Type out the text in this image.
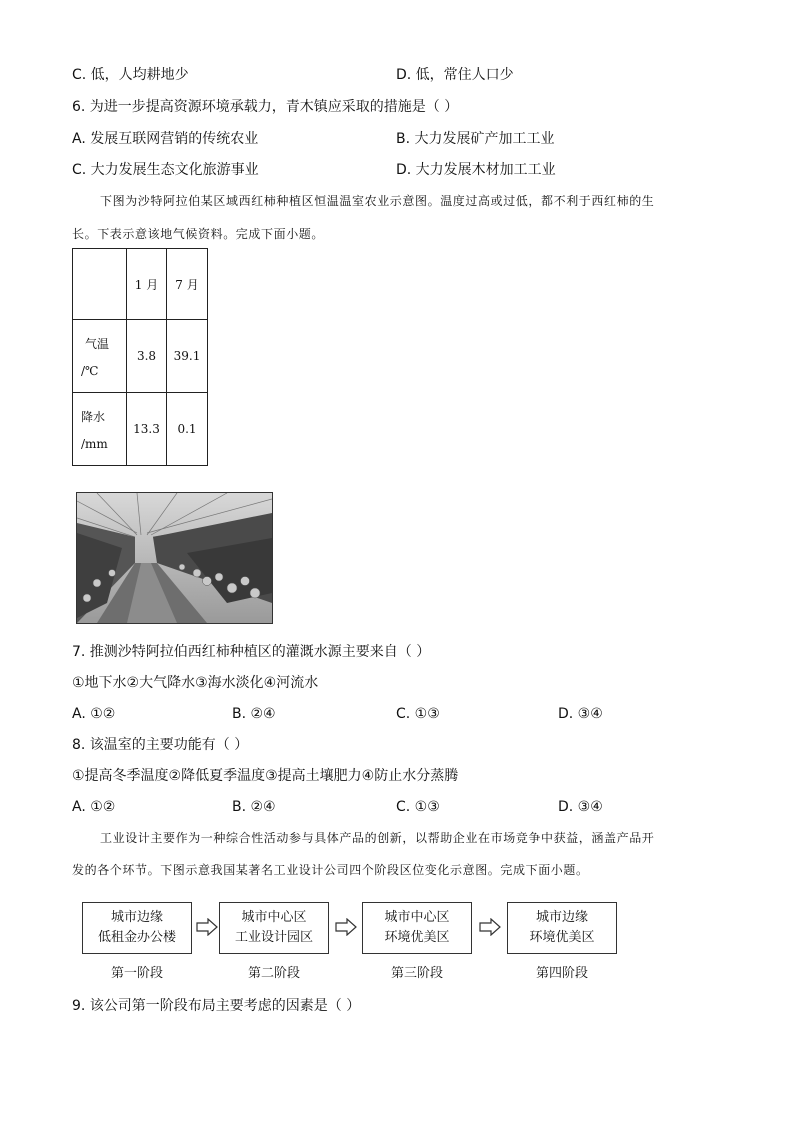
C. 低，人均耕地少	D. 低，常住人口少
6. 为进一步提高资源环境承载力，青木镇应采取的措施是（ ）
A. 发展互联网营销的传统农业	B. 大力发展矿产加工工业
C. 大力发展生态文化旅游事业	D. 大力发展木材加工工业
下图为沙特阿拉伯某区域西红柿种植区恒温温室农业示意图。温度过高或过低，都不利于西红柿的生
长。下表示意该地气候资料。完成下面小题。
	1 月	7 月

气温
/℃	3.8	39.1

降水
/mm	13.3	0.1
7. 推测沙特阿拉伯西红柿种植区的灌溉水源主要来自（ ）
①地下水②大气降水③海水淡化④河流水
A. ①②	B. ②④	C. ①③	D. ③④
8. 该温室的主要功能有（ ）
①提高冬季温度②降低夏季温度③提高土壤肥力④防止水分蒸腾
A. ①②	B. ②④	C. ①③	D. ③④
工业设计主要作为一种综合性活动参与具体产品的创新，以帮助企业在市场竞争中获益，涵盖产品开
发的各个环节。下图示意我国某著名工业设计公司四个阶段区位变化示意图。完成下面小题。
城市边缘
低租金办公楼
城市中心区
工业设计园区
城市中心区
环境优美区
城市边缘
环境优美区
第一阶段	第二阶段	第三阶段	第四阶段
9. 该公司第一阶段布局主要考虑的因素是（ ）
